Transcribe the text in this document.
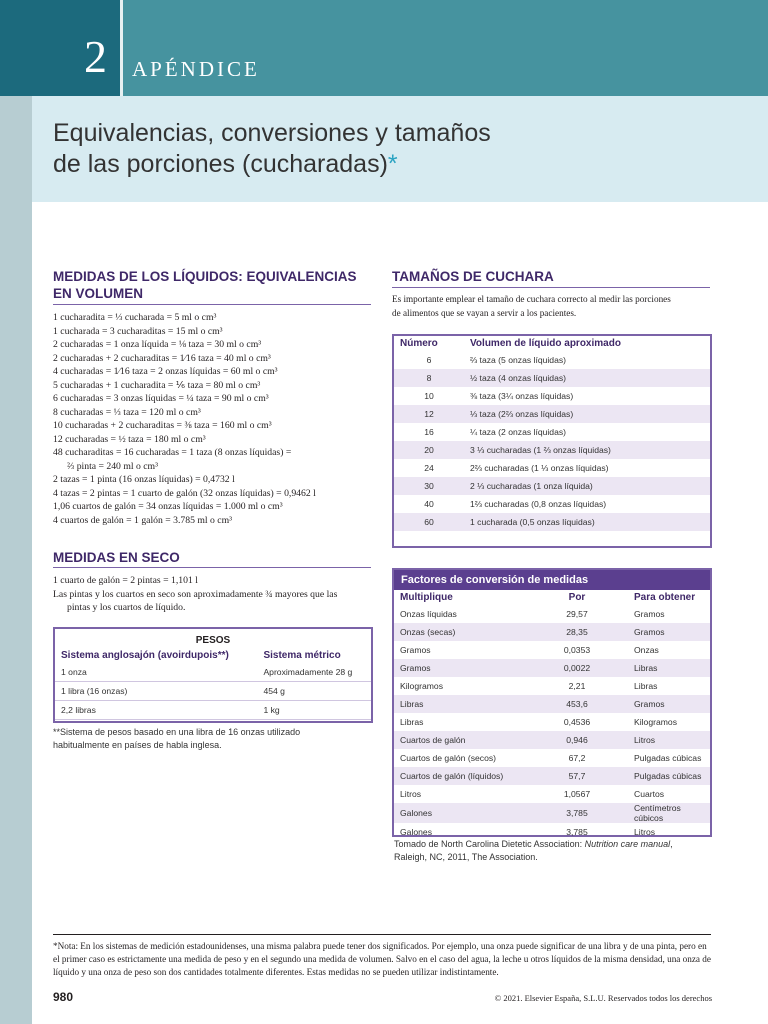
2 APÉNDICE
Equivalencias, conversiones y tamaños
de las porciones (cucharadas)*
MEDIDAS DE LOS LÍQUIDOS: EQUIVALENCIAS
EN VOLUMEN
1 cucharadita = ⅓ cucharada = 5 ml o cm³
1 cucharada = 3 cucharaditas = 15 ml o cm³
2 cucharadas = 1 onza líquida = ⅛ taza = 30 ml o cm³
2 cucharadas + 2 cucharaditas = 1⁄16 taza = 40 ml o cm³
4 cucharadas = 1⁄16 taza = 2 onzas líquidas = 60 ml o cm³
5 cucharadas + 1 cucharadita = ⅙ taza = 80 ml o cm³
6 cucharadas = 3 onzas líquidas = ¼ taza = 90 ml o cm³
8 cucharadas = ⅓ taza = 120 ml o cm³
10 cucharadas + 2 cucharaditas = ⅜ taza = 160 ml o cm³
12 cucharadas = ½ taza = 180 ml o cm³
48 cucharaditas = 16 cucharadas = 1 taza (8 onzas líquidas) =
⅔ pinta = 240 ml o cm³
2 tazas = 1 pinta (16 onzas líquidas) = 0,4732 l
4 tazas = 2 pintas = 1 cuarto de galón (32 onzas líquidas) = 0,9462 l
1,06 cuartos de galón = 34 onzas líquidas = 1.000 ml o cm³
4 cuartos de galón = 1 galón = 3.785 ml o cm³
MEDIDAS EN SECO
1 cuarto de galón = 2 pintas = 1,101 l
Las pintas y los cuartos en seco son aproximadamente ¾ mayores que las
pintas y los cuartos de líquido.
PESOS	
Sistema anglosajón (avoirdupois**)	Sistema métrico
1 onza	Aproximadamente 28 g
1 libra (16 onzas)	454 g
2,2 libras	1 kg
**Sistema de pesos basado en una libra de 16 onzas utilizado
habitualmente en países de habla inglesa.
TAMAÑOS DE CUCHARA
Es importante emplear el tamaño de cuchara correcto al medir las porciones
de alimentos que se vayan a servir a los pacientes.
Número	Volumen de líquido aproximado
6	⅔ taza (5 onzas líquidas)
8	½ taza (4 onzas líquidas)
10	⅜ taza (3¼ onzas líquidas)
12	⅓ taza (2⅔ onzas líquidas)
16	¼ taza (2 onzas líquidas)
20	3 ⅓ cucharadas (1 ⅔ onzas líquidas)
24	2⅔ cucharadas (1 ⅓ onzas líquidas)
30	2 ⅓ cucharadas (1 onza líquida)
40	1⅔ cucharadas (0,8 onzas líquidas)
60	1 cucharada (0,5 onzas líquidas)
Factores de conversión de medidas
Multiplique	Por	Para obtener
Onzas líquidas	29,57	Gramos
Onzas (secas)	28,35	Gramos
Gramos	0,0353	Onzas
Gramos	0,0022	Libras
Kilogramos	2,21	Libras
Libras	453,6	Gramos
Libras	0,4536	Kilogramos
Cuartos de galón	0,946	Litros
Cuartos de galón (secos)	67,2	Pulgadas cúbicas
Cuartos de galón (líquidos)	57,7	Pulgadas cúbicas
Litros	1,0567	Cuartos
Galones	3,785	Centímetros cúbicos
Galones	3,785	Litros
Tomado de North Carolina Dietetic Association: Nutrition care manual,
Raleigh, NC, 2011, The Association.
*Nota: En los sistemas de medición estadounidenses, una misma palabra puede tener dos significados. Por ejemplo, una onza puede significar de una libra y de una pinta, pero en el primer caso es estrictamente una medida de peso y en el segundo una medida de volumen. Salvo en el caso del agua, la leche u otros líquidos de la misma densidad, una onza de líquido y una onza de peso son dos cantidades totalmente diferentes. Estas medidas no se pueden utilizar indistintamente.
980	© 2021. Elsevier España, S.L.U. Reservados todos los derechos
